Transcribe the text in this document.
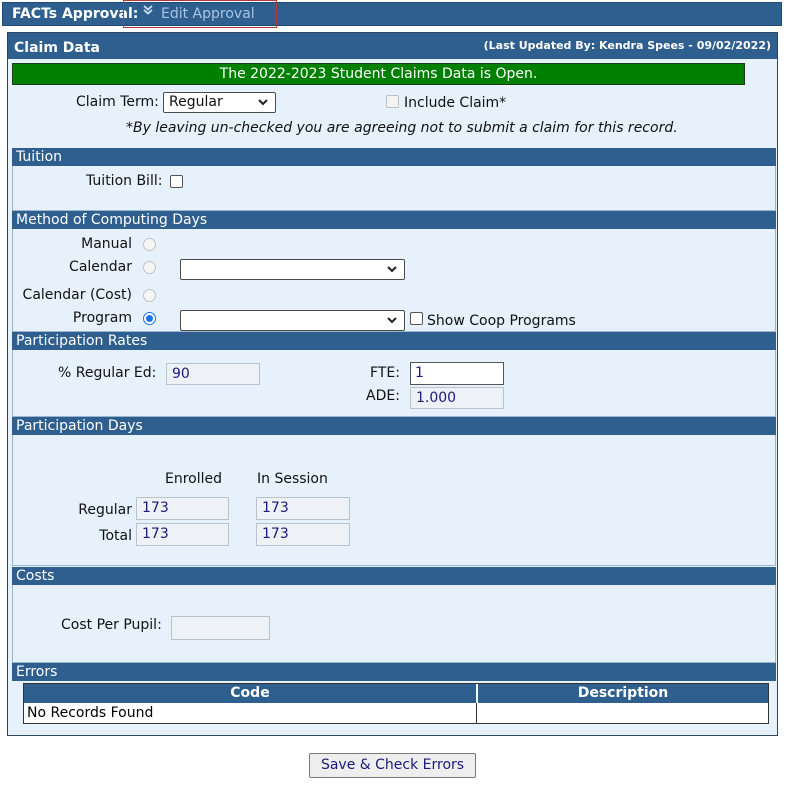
FACTs Approval: Edit Approval
Claim Data	(Last Updated By: Kendra Spees - 09/02/2022)
The 2022-2023 Student Claims Data is Open.
Claim Term: Regular	Include Claim*
*By leaving un-checked you are agreeing not to submit a claim for this record.
Tuition
Tuition Bill:
Method of Computing Days
Manual
Calendar
Calendar (Cost)
Program	Show Coop Programs
Participation Rates
% Regular Ed:	90	FTE:	1
ADE:	1.000
Participation Days
Enrolled In Session
Regular 173	173
Total 173	173
Costs
Cost Per Pupil:
Errors
Code	Description
No Records Found
Save & Check Errors
